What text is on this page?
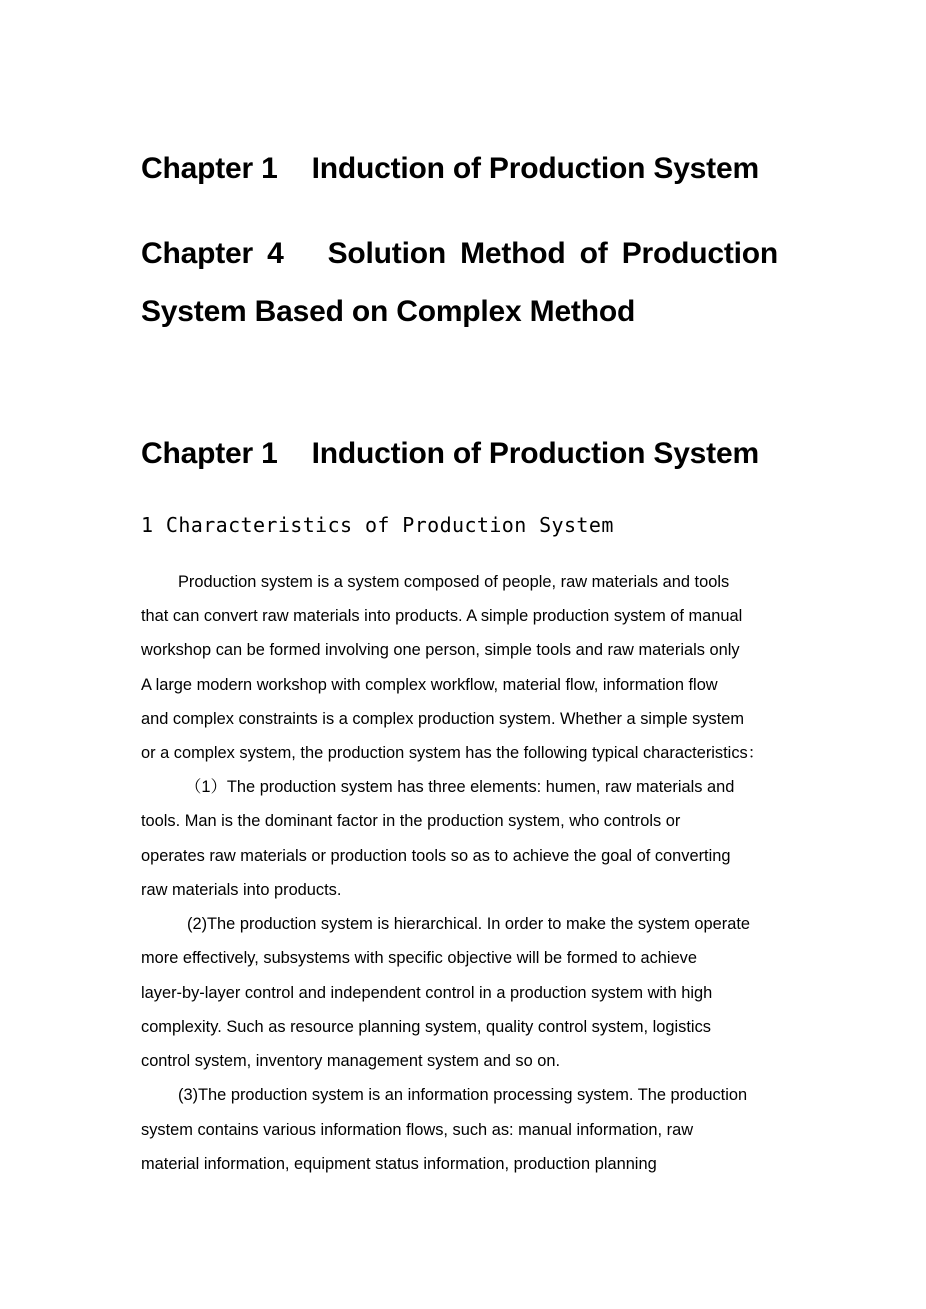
Chapter 1 Induction of Production System
Chapter 4 Solution Method of Production
System Based on Complex Method
Chapter 1 Induction of Production System
1 Characteristics of Production System

Production system is a system composed of people, raw materials and tools

that can convert raw materials into products. A simple production system of manual

workshop can be formed involving one person, simple tools and raw materials only

A large modern workshop with complex workflow, material flow, information flow

and complex constraints is a complex production system. Whether a simple system

or a complex system, the production system has the following typical characteristics：

（1）The production system has three elements: humen, raw materials and

tools. Man is the dominant factor in the production system, who controls or

operates raw materials or production tools so as to achieve the goal of converting

raw materials into products.

(2)The production system is hierarchical. In order to make the system operate

more effectively, subsystems with specific objective will be formed to achieve

layer-by-layer control and independent control in a production system with high

complexity. Such as resource planning system, quality control system, logistics

control system, inventory management system and so on.

(3)The production system is an information processing system. The production

system contains various information flows, such as: manual information, raw

material information, equipment status information, production planning
